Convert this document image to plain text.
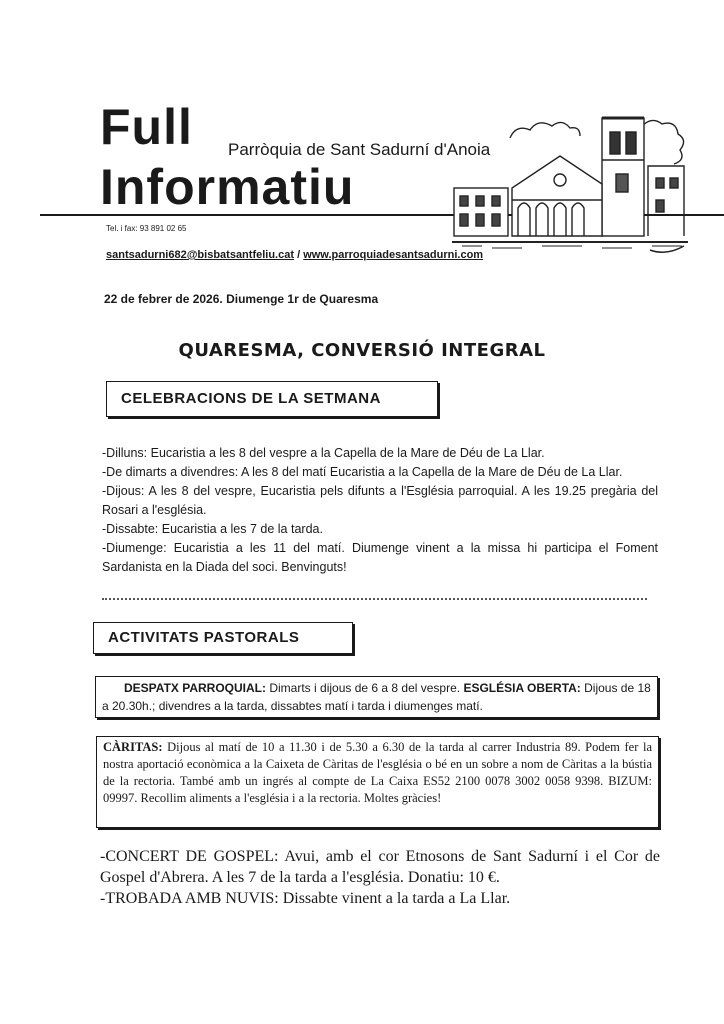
Full Parròquia de Sant Sadurní d'Anoia
Informatiu
Tel. i fax: 93 891 02 65
santsadurni682@bisbatsantfeliu.cat / www.parroquiadesantsadurni.com
22 de febrer de 2026. Diumenge 1r de Quaresma
QUARESMA, CONVERSIÓ INTEGRAL
CELEBRACIONS DE LA SETMANA

-Dilluns: Eucaristia a les 8 del vespre a la Capella de la Mare de Déu de La Llar.

-De dimarts a divendres: A les 8 del matí Eucaristia a la Capella de la Mare de Déu de La Llar.

-Dijous: A les 8 del vespre, Eucaristia pels difunts a l'Església parroquial. A les 19.25 pregària del Rosari a l'església.

-Dissabte: Eucaristia a les 7 de la tarda.

-Diumenge: Eucaristia a les 11 del matí. Diumenge vinent a la missa hi participa el Foment Sardanista en la Diada del soci. Benvinguts!

ACTIVITATS PASTORALS
DESPATX PARROQUIAL: Dimarts i dijous de 6 a 8 del vespre. ESGLÉSIA OBERTA: Dijous de 18 a 20.30h.; divendres a la tarda, dissabtes matí i tarda i diumenges matí.
CÀRITAS: Dijous al matí de 10 a 11.30 i de 5.30 a 6.30 de la tarda al carrer Industria 89. Podem fer la nostra aportació econòmica a la Caixeta de Càritas de l'església o bé en un sobre a nom de Càritas a la bústia de la rectoria. També amb un ingrés al compte de La Caixa ES52 2100 0078 3002 0058 9398. BIZUM: 09997. Recollim aliments a l'església i a la rectoria. Moltes gràcies!

-CONCERT DE GOSPEL: Avui, amb el cor Etnosons de Sant Sadurní i el Cor de Gospel d'Abrera. A les 7 de la tarda a l'església. Donatiu: 10 €.

-TROBADA AMB NUVIS: Dissabte vinent a la tarda a La Llar.
